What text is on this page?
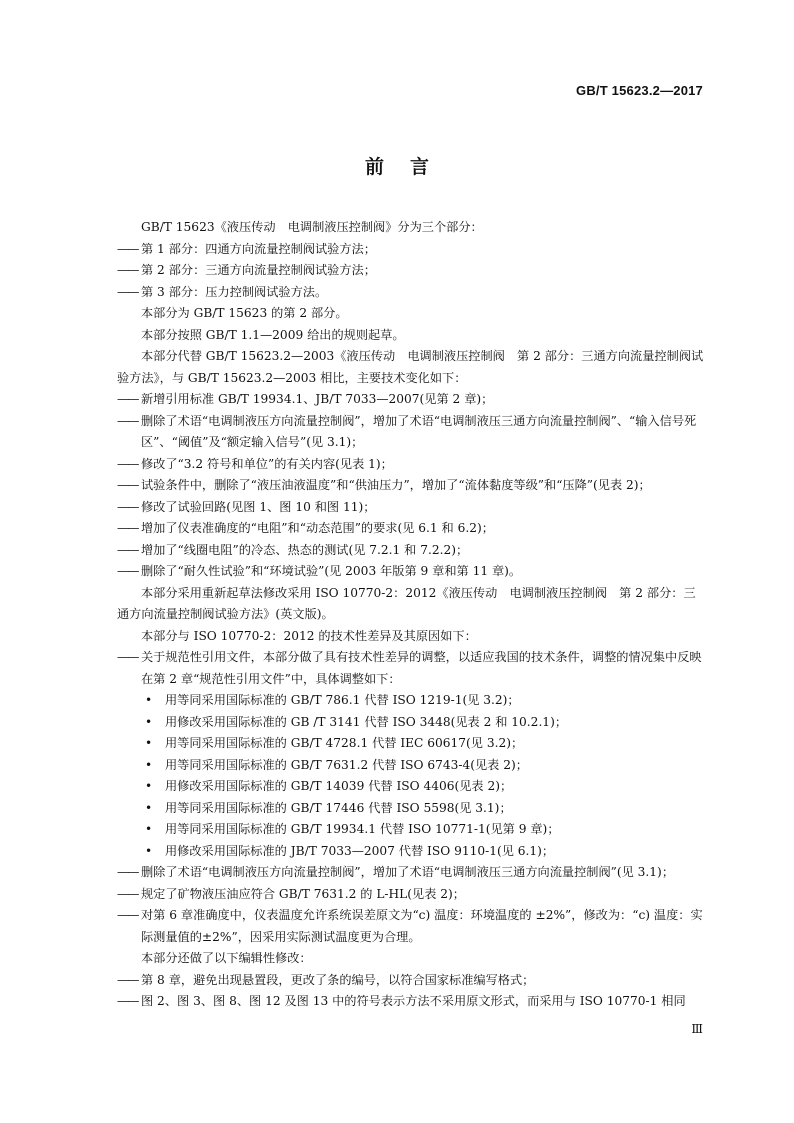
GB/T 15623.2—2017
前言

GB/T 15623《液压传动　电调制液压控制阀》分为三个部分：

—— 第 1 部分：四通方向流量控制阀试验方法；

—— 第 2 部分：三通方向流量控制阀试验方法；

—— 第 3 部分：压力控制阀试验方法。

本部分为 GB/T 15623 的第 2 部分。

本部分按照 GB/T 1.1—2009 给出的规则起草。

本部分代替 GB/T 15623.2—2003《液压传动　电调制液压控制阀　第 2 部分：三通方向流量控制阀试验方法》，与 GB/T 15623.2—2003 相比，主要技术变化如下：

—— 新增引用标准 GB/T 19934.1、JB/T 7033—2007(见第 2 章)；

—— 删除了术语“电调制液压方向流量控制阀”，增加了术语“电调制液压三通方向流量控制阀”、“输入信号死区”、“阈值”及“额定输入信号”(见 3.1)；

—— 修改了“3.2 符号和单位”的有关内容(见表 1)；

—— 试验条件中，删除了“液压油液温度”和“供油压力”，增加了“流体黏度等级”和“压降”(见表 2)；

—— 修改了试验回路(见图 1、图 10 和图 11)；

—— 增加了仪表准确度的“电阻”和“动态范围”的要求(见 6.1 和 6.2)；

—— 增加了“线圈电阻”的冷态、热态的测试(见 7.2.1 和 7.2.2)；

—— 删除了“耐久性试验”和“环境试验”(见 2003 年版第 9 章和第 11 章)。

本部分采用重新起草法修改采用 ISO 10770-2：2012《液压传动　电调制液压控制阀　第 2 部分：三通方向流量控制阀试验方法》(英文版)。

本部分与 ISO 10770-2：2012 的技术性差异及其原因如下：

—— 关于规范性引用文件，本部分做了具有技术性差异的调整，以适应我国的技术条件，调整的情况集中反映在第 2 章“规范性引用文件”中，具体调整如下：

• 用等同采用国际标准的 GB/T 786.1 代替 ISO 1219-1(见 3.2)；

• 用修改采用国际标准的 GB /T 3141 代替 ISO 3448(见表 2 和 10.2.1)；

• 用等同采用国际标准的 GB/T 4728.1 代替 IEC 60617(见 3.2)；

• 用等同采用国际标准的 GB/T 7631.2 代替 ISO 6743-4(见表 2)；

• 用修改采用国际标准的 GB/T 14039 代替 ISO 4406(见表 2)；

• 用等同采用国际标准的 GB/T 17446 代替 ISO 5598(见 3.1)；

• 用等同采用国际标准的 GB/T 19934.1 代替 ISO 10771-1(见第 9 章)；

• 用修改采用国际标准的 JB/T 7033—2007 代替 ISO 9110-1(见 6.1)；

—— 删除了术语“电调制液压方向流量控制阀”，增加了术语“电调制液压三通方向流量控制阀”(见 3.1)；

—— 规定了矿物液压油应符合 GB/T 7631.2 的 L-HL(见表 2)；

—— 对第 6 章准确度中，仪表温度允许系统误差原文为“c) 温度：环境温度的 ±2%”，修改为：“c) 温度：实际测量值的±2%”，因采用实际测试温度更为合理。

本部分还做了以下编辑性修改：

—— 第 8 章，避免出现悬置段，更改了条的编号，以符合国家标准编写格式；

—— 图 2、图 3、图 8、图 12 及图 13 中的符号表示方法不采用原文形式，而采用与 ISO 10770-1 相同

Ⅲ
